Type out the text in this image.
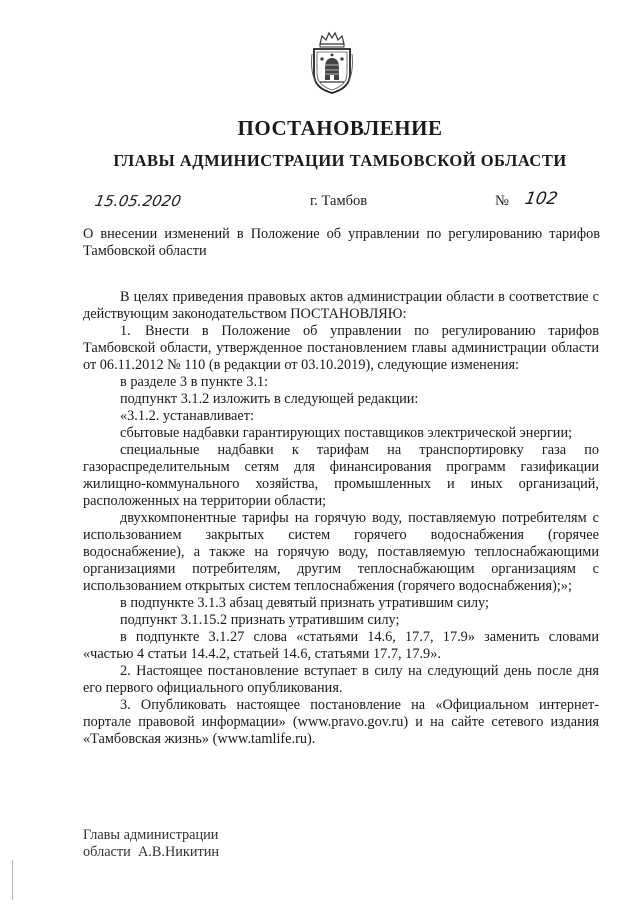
ПОСТАНОВЛЕНИЕ
ГЛАВЫ АДМИНИСТРАЦИИ ТАМБОВСКОЙ ОБЛАСТИ
15.05.2020	г. Тамбов	№ 102
О внесении изменений в Положение об управлении по регулированию тарифов Тамбовской области

В целях приведения правовых актов администрации области в соответствие с действующим законодательством ПОСТАНОВЛЯЮ:

1. Внести в Положение об управлении по регулированию тарифов Тамбовской области, утвержденное постановлением главы администрации области от 06.11.2012 № 110 (в редакции от 03.10.2019), следующие изменения:

в разделе 3 в пункте 3.1:

подпункт 3.1.2 изложить в следующей редакции:

«3.1.2. устанавливает:

сбытовые надбавки гарантирующих поставщиков электрической энергии;

специальные надбавки к тарифам на транспортировку газа по газораспределительным сетям для финансирования программ газификации жилищно-коммунального хозяйства, промышленных и иных организаций, расположенных на территории области;

двухкомпонентные тарифы на горячую воду, поставляемую потребителям с использованием закрытых систем горячего водоснабжения (горячее водоснабжение), а также на горячую воду, поставляемую теплоснабжающими организациями потребителям, другим теплоснабжающим организациям с использованием открытых систем теплоснабжения (горячего водоснабжения);»;

в подпункте 3.1.3 абзац девятый признать утратившим силу;

подпункт 3.1.15.2 признать утратившим силу;

в подпункте 3.1.27 слова «статьями 14.6, 17.7, 17.9» заменить словами «частью 4 статьи 14.4.2, статьей 14.6, статьями 17.7, 17.9».

2. Настоящее постановление вступает в силу на следующий день после дня его первого официального опубликования.

3. Опубликовать настоящее постановление на «Официальном интернет-портале правовой информации» (www.pravo.gov.ru) и на сайте сетевого издания «Тамбовская жизнь» (www.tamlife.ru).

Главы администрации
области  А.В.Никитин
